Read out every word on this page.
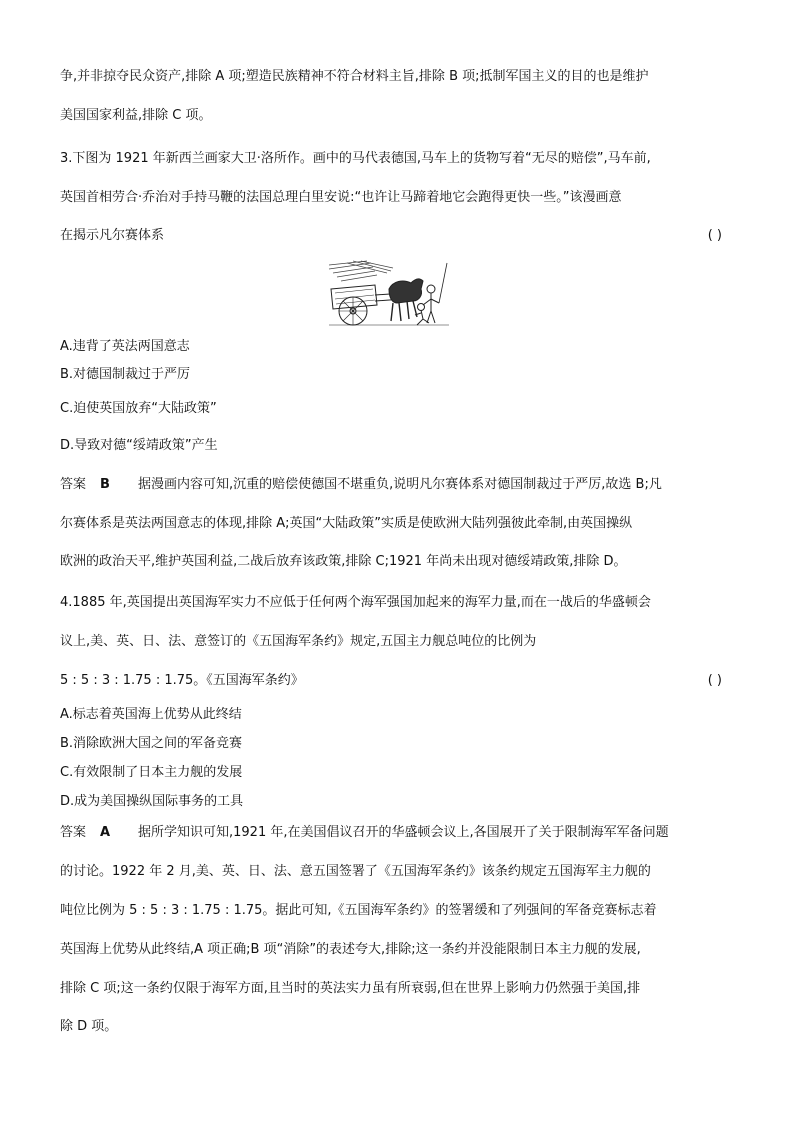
争,并非掠夺民众资产,排除 A 项;塑造民族精神不符合材料主旨,排除 B 项;抵制军国主义的目的也是维护
美国国家利益,排除 C 项。
3.下图为 1921 年新西兰画家大卫·洛所作。画中的马代表德国,马车上的货物写着“无尽的赔偿”,马车前,
英国首相劳合·乔治对手持马鞭的法国总理白里安说:“也许让马蹄着地它会跑得更快一些。”该漫画意
在揭示凡尔赛体系	( )
A.违背了英法两国意志
B.对德国制裁过于严厉
C.迫使英国放弃“大陆政策”
D.导致对德“绥靖政策”产生
答案 B 据漫画内容可知,沉重的赔偿使德国不堪重负,说明凡尔赛体系对德国制裁过于严厉,故选 B;凡
尔赛体系是英法两国意志的体现,排除 A;英国“大陆政策”实质是使欧洲大陆列强彼此牵制,由英国操纵
欧洲的政治天平,维护英国利益,二战后放弃该政策,排除 C;1921 年尚未出现对德绥靖政策,排除 D。
4.1885 年,英国提出英国海军实力不应低于任何两个海军强国加起来的海军力量,而在一战后的华盛顿会
议上,美、英、日、法、意签订的《五国海军条约》规定,五国主力舰总吨位的比例为
5 : 5 : 3 : 1.75 : 1.75。《五国海军条约》	( )
A.标志着英国海上优势从此终结
B.消除欧洲大国之间的军备竞赛
C.有效限制了日本主力舰的发展
D.成为美国操纵国际事务的工具
答案 A 据所学知识可知,1921 年,在美国倡议召开的华盛顿会议上,各国展开了关于限制海军军备问题
的讨论。1922 年 2 月,美、英、日、法、意五国签署了《五国海军条约》该条约规定五国海军主力舰的
吨位比例为 5 : 5 : 3 : 1.75 : 1.75。据此可知,《五国海军条约》的签署缓和了列强间的军备竞赛标志着
英国海上优势从此终结,A 项正确;B 项“消除”的表述夸大,排除;这一条约并没能限制日本主力舰的发展,
排除 C 项;这一条约仅限于海军方面,且当时的英法实力虽有所衰弱,但在世界上影响力仍然强于美国,排
除 D 项。
